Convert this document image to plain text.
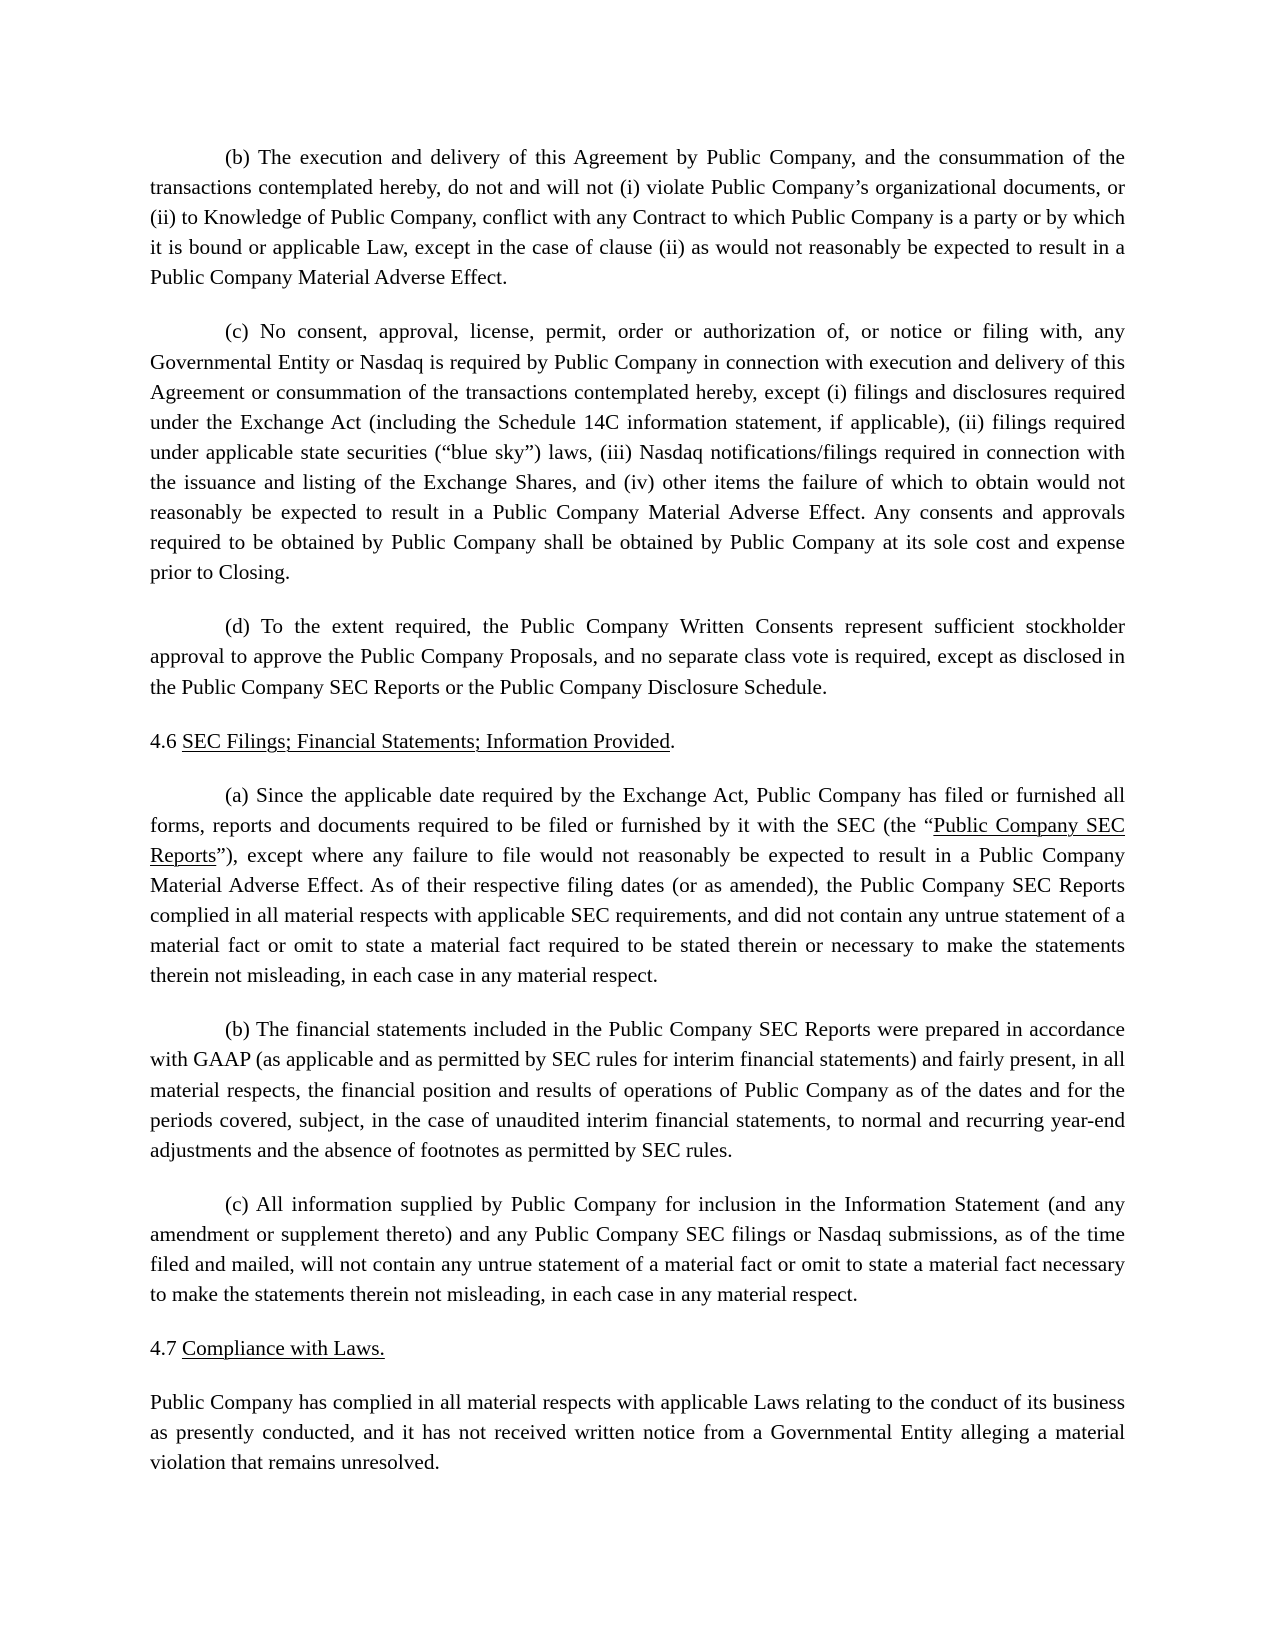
(b) The execution and delivery of this Agreement by Public Company, and the consummation of the transactions contemplated hereby, do not and will not (i) violate Public Company’s organizational documents, or (ii) to Knowledge of Public Company, conflict with any Contract to which Public Company is a party or by which it is bound or applicable Law, except in the case of clause (ii) as would not reasonably be expected to result in a Public Company Material Adverse Effect.

(c) No consent, approval, license, permit, order or authorization of, or notice or filing with, any Governmental Entity or Nasdaq is required by Public Company in connection with execution and delivery of this Agreement or consummation of the transactions contemplated hereby, except (i) filings and disclosures required under the Exchange Act (including the Schedule 14C information statement, if applicable), (ii) filings required under applicable state securities (“blue sky”) laws, (iii) Nasdaq notifications/filings required in connection with the issuance and listing of the Exchange Shares, and (iv) other items the failure of which to obtain would not reasonably be expected to result in a Public Company Material Adverse Effect. Any consents and approvals required to be obtained by Public Company shall be obtained by Public Company at its sole cost and expense prior to Closing.

(d) To the extent required, the Public Company Written Consents represent sufficient stockholder approval to approve the Public Company Proposals, and no separate class vote is required, except as disclosed in the Public Company SEC Reports or the Public Company Disclosure Schedule.

4.6 SEC Filings; Financial Statements; Information Provided.

(a) Since the applicable date required by the Exchange Act, Public Company has filed or furnished all forms, reports and documents required to be filed or furnished by it with the SEC (the “Public Company SEC Reports”), except where any failure to file would not reasonably be expected to result in a Public Company Material Adverse Effect. As of their respective filing dates (or as amended), the Public Company SEC Reports complied in all material respects with applicable SEC requirements, and did not contain any untrue statement of a material fact or omit to state a material fact required to be stated therein or necessary to make the statements therein not misleading, in each case in any material respect.

(b) The financial statements included in the Public Company SEC Reports were prepared in accordance with GAAP (as applicable and as permitted by SEC rules for interim financial statements) and fairly present, in all material respects, the financial position and results of operations of Public Company as of the dates and for the periods covered, subject, in the case of unaudited interim financial statements, to normal and recurring year-end adjustments and the absence of footnotes as permitted by SEC rules.

(c) All information supplied by Public Company for inclusion in the Information Statement (and any amendment or supplement thereto) and any Public Company SEC filings or Nasdaq submissions, as of the time filed and mailed, will not contain any untrue statement of a material fact or omit to state a material fact necessary to make the statements therein not misleading, in each case in any material respect.

4.7 Compliance with Laws.

Public Company has complied in all material respects with applicable Laws relating to the conduct of its business as presently conducted, and it has not received written notice from a Governmental Entity alleging a material violation that remains unresolved.
